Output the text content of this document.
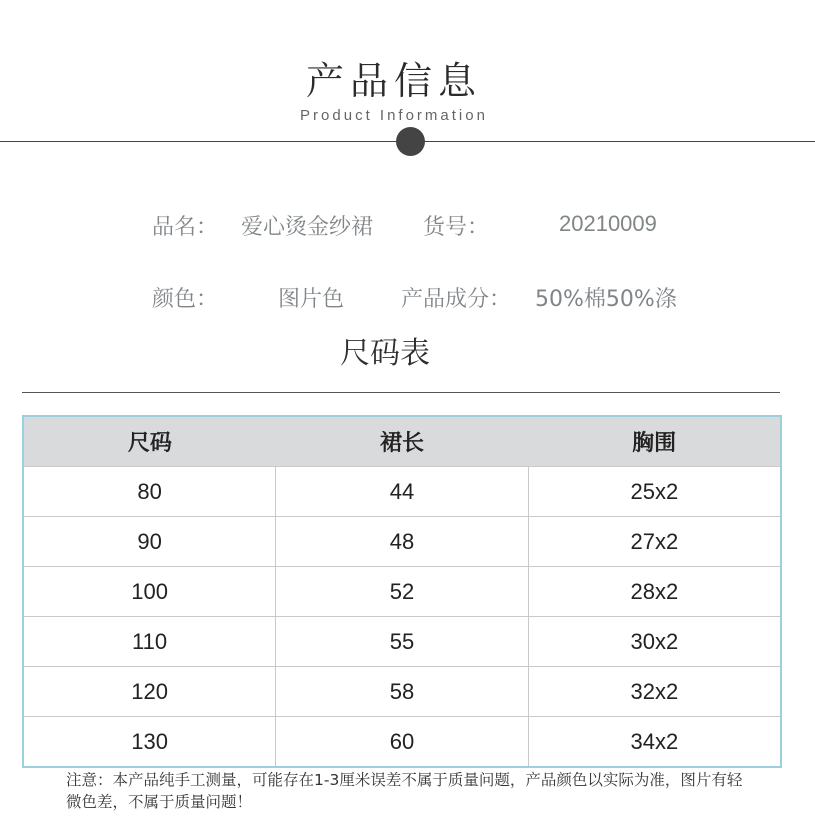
产品信息
Product Information
品名： 爱心烫金纱裙 货号：	20210009
颜色：	图片色	产品成分： 50%棉50%涤
尺码表
尺码	裙长	胸围
80	44	25x2
90	48	27x2
100	52	28x2
110	55	30x2
120	58	32x2
130	60	34x2
注意：本产品纯手工测量，可能存在1-3厘米误差不属于质量问题，产品颜色以实际为准，图片有轻微色差，不属于质量问题！
